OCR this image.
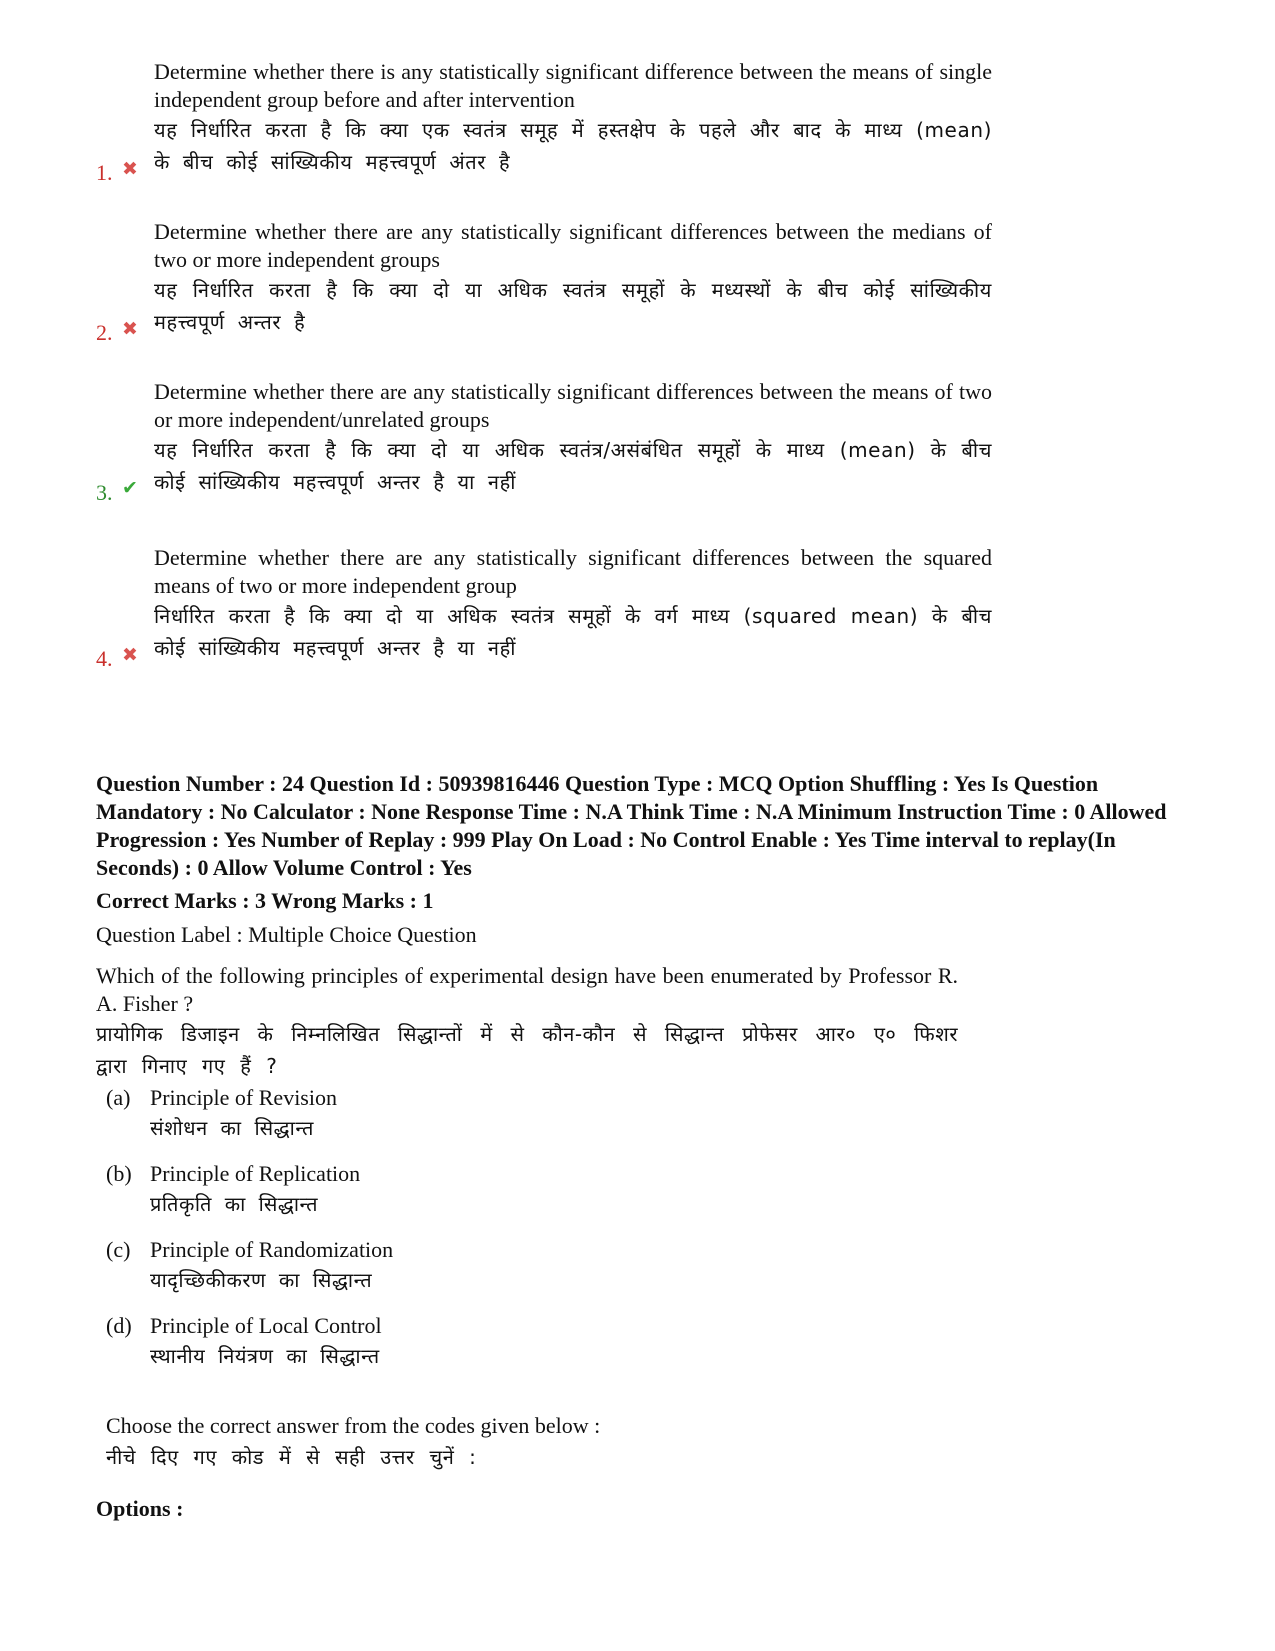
1. ✖

Determine whether there is any statistically significant difference between the means of single independent group before and after intervention

यह निर्धारित करता है कि क्या एक स्वतंत्र समूह में हस्तक्षेप के पहले और बाद के माध्य (mean) के बीच कोई सांख्यिकीय महत्त्वपूर्ण अंतर है

2. ✖

Determine whether there are any statistically significant differences between the medians of two or more independent groups

यह निर्धारित करता है कि क्या दो या अधिक स्वतंत्र समूहों के मध्यस्थों के बीच कोई सांख्यिकीय महत्त्वपूर्ण अन्तर है

3. ✔

Determine whether there are any statistically significant differences between the means of two or more independent/unrelated groups

यह निर्धारित करता है कि क्या दो या अधिक स्वतंत्र/असंबंधित समूहों के माध्य (mean) के बीच कोई सांख्यिकीय महत्त्वपूर्ण अन्तर है या नहीं

4. ✖

Determine whether there are any statistically significant differences between the squared means of two or more independent group

निर्धारित करता है कि क्या दो या अधिक स्वतंत्र समूहों के वर्ग माध्य (squared mean) के बीच कोई सांख्यिकीय महत्त्वपूर्ण अन्तर है या नहीं

Question Number : 24 Question Id : 50939816446 Question Type : MCQ Option Shuffling : Yes Is Question Mandatory : No Calculator : None Response Time : N.A Think Time : N.A Minimum Instruction Time : 0 Allowed Progression : Yes Number of Replay : 999 Play On Load : No Control Enable : Yes Time interval to replay(In Seconds) : 0 Allow Volume Control : Yes
Correct Marks : 3 Wrong Marks : 1
Question Label : Multiple Choice Question

Which of the following principles of experimental design have been enumerated by Professor R. A. Fisher ?

प्रायोगिक डिजाइन के निम्नलिखित सिद्धान्तों में से कौन-कौन से सिद्धान्त प्रोफेसर आर० ए० फिशर द्वारा गिनाए गए हैं ?

(a) Principle of Revision

संशोधन का सिद्धान्त

(b) Principle of Replication

प्रतिकृति का सिद्धान्त

(c) Principle of Randomization

यादृच्छिकीकरण का सिद्धान्त

(d) Principle of Local Control

स्थानीय नियंत्रण का सिद्धान्त

Choose the correct answer from the codes given below :

नीचे दिए गए कोड में से सही उत्तर चुनें :

Options :
